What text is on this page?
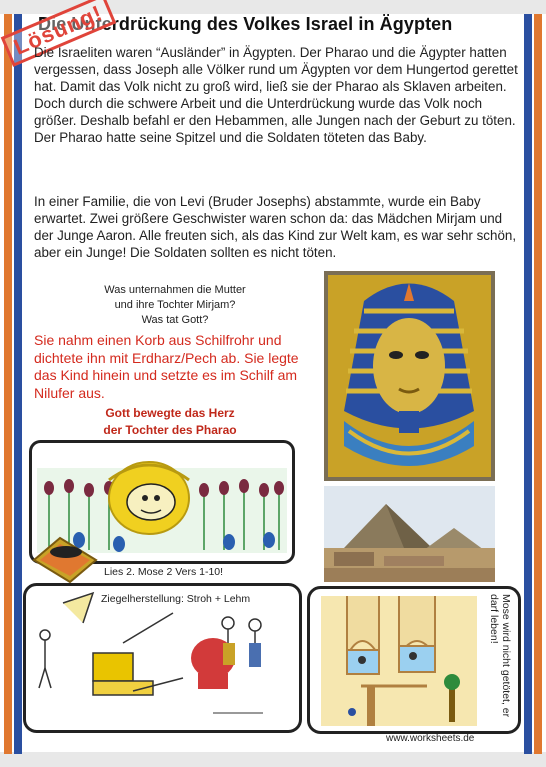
Die Unterdrückung des Volkes Israel in Ägypten
Lösung!
Die Israeliten waren “Ausländer” in Ägypten. Der Pharao und die Ägypter hatten vergessen, dass Joseph alle Völker rund um Ägypten vor dem Hungertod gerettet hat. Damit das Volk nicht zu groß wird, ließ sie der Pharao als Sklaven arbeiten. Doch durch die schwere Arbeit und die Unterdrückung wurde das Volk noch größer. Deshalb befahl er den Hebammen, alle Jungen nach der Geburt zu töten. Der Pharao hatte seine Spitzel und die Soldaten töteten das Baby.
In einer Familie, die von Levi (Bruder Josephs) abstammte, wurde ein Baby erwartet. Zwei größere Geschwister waren schon da: das Mädchen Mirjam und der Junge Aaron. Alle freuten sich, als das Kind zur Welt kam, es war sehr schön, aber ein Junge! Die Soldaten sollten es nicht töten.
Was unternahmen die Mutter
und ihre Tochter Mirjam?
Was tat Gott?
Sie nahm einen Korb aus Schilfrohr und dichtete ihn mit Erdharz/Pech ab. Sie legte das Kind hinein und setzte es im Schilf am Nilufer aus.
Gott bewegte das Herz
der Tochter des Pharao
Lies 2. Mose 2 Vers 1-10!
Ziegelherstellung: Stroh + Lehm	Mose wird nicht getötet, er darf leben!
www.worksheets.de
